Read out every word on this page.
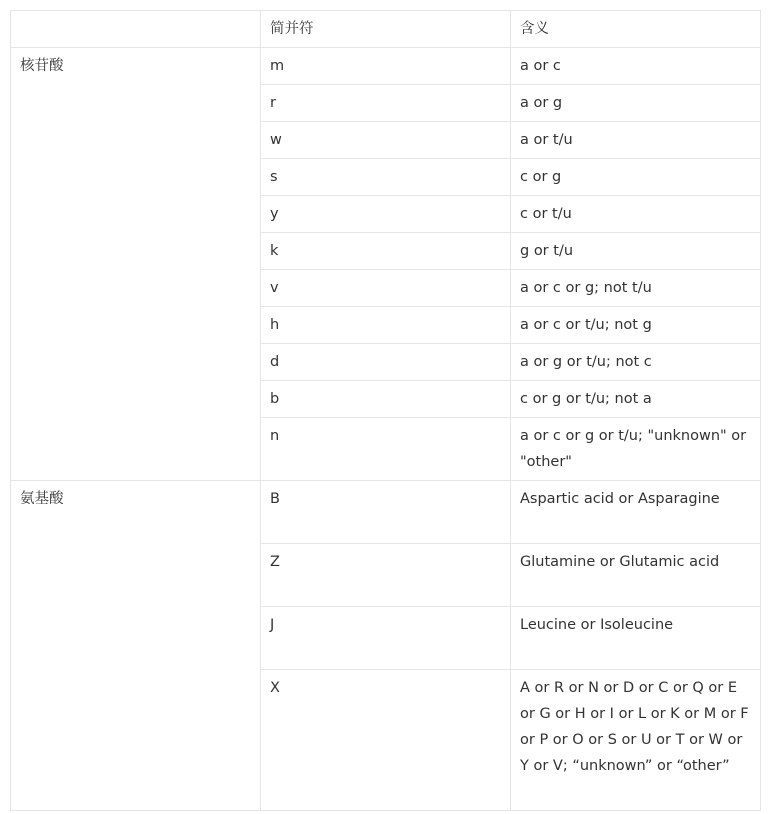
	简并符	含义
核苷酸	m	a or c
	r	a or g
	w	a or t/u
	s	c or g
	y	c or t/u
	k	g or t/u
	v	a or c or g; not t/u
	h	a or c or t/u; not g
	d	a or g or t/u; not c
	b	c or g or t/u; not a
	n	a or c or g or t/u; "unknown" or "other"
氨基酸	B	Aspartic acid or Asparagine
	Z	Glutamine or Glutamic acid
	J	Leucine or Isoleucine
	X	A or R or N or D or C or Q or E or G or H or I or L or K or M or F or P or O or S or U or T or W or Y or V; “unknown” or “other”
